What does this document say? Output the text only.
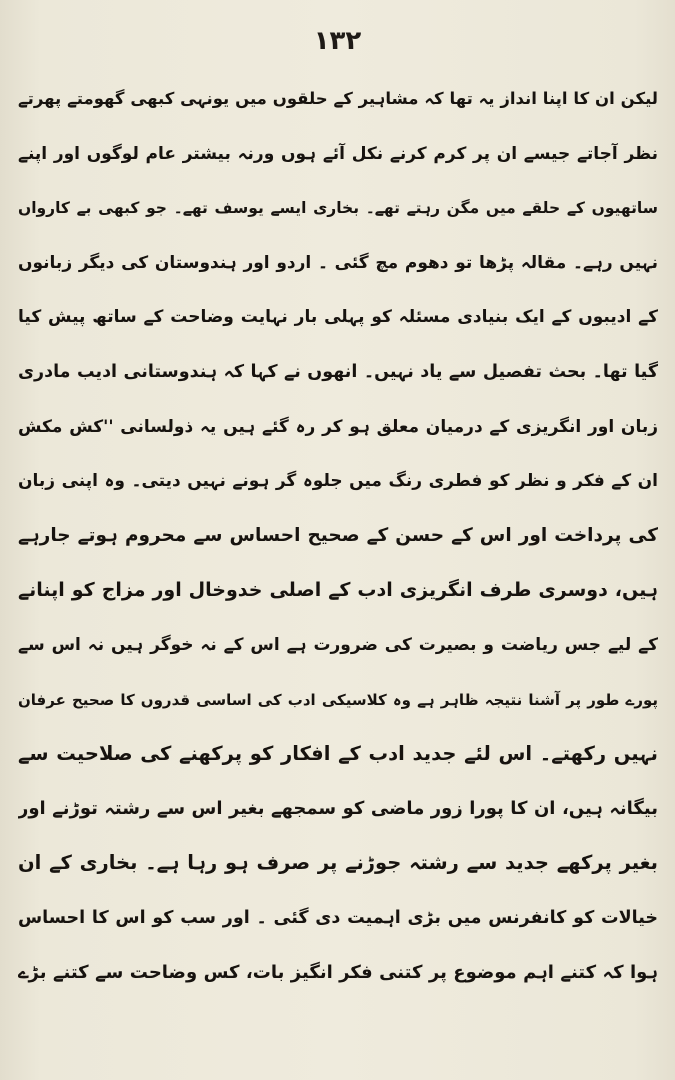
۱۳۲
لیکن ان کا اپنا انداز یہ تھا کہ مشاہیر کے حلقوں میں یونہی کبھی گھومتے پھرتے
نظر آجاتے جیسے ان پر کرم کرنے نکل آئے ہوں ورنہ بیشتر عام لوگوں اور اپنے
ساتھیوں کے حلقے میں مگن رہتے تھے۔ بخاری ایسے یوسف تھے۔ جو کبھی بے کارواں
نہیں رہے۔ مقالہ پڑھا تو دھوم مچ گئی ۔ اردو اور ہندوستان کی دیگر زبانوں
کے ادیبوں کے ایک بنیادی مسئلہ کو پہلی بار نہایت وضاحت کے ساتھ پیش کیا
گیا تھا۔ بحث تفصیل سے یاد نہیں۔ انھوں نے کہا کہ ہندوستانی ادیب مادری
زبان اور انگریزی کے درمیان معلق ہو کر رہ گئے ہیں یہ ذولسانی ''کش مکش
ان کے فکر و نظر کو فطری رنگ میں جلوہ گر ہونے نہیں دیتی۔ وہ اپنی زبان
کی پرداخت اور اس کے حسن کے صحیح احساس سے محروم ہوتے جارہے
ہیں، دوسری طرف انگریزی ادب کے اصلی خدوخال اور مزاج کو اپنانے
کے لیے جس ریاضت و بصیرت کی ضرورت ہے اس کے نہ خوگر ہیں نہ اس سے
پورے طور پر آشنا نتیجہ ظاہر ہے وہ کلاسیکی ادب کی اساسی قدروں کا صحیح عرفان
نہیں رکھتے۔ اس لئے جدید ادب کے افکار کو پرکھنے کی صلاحیت سے
بیگانہ ہیں، ان کا پورا زور ماضی کو سمجھے بغیر اس سے رشتہ توڑنے اور
بغیر پرکھے جدید سے رشتہ جوڑنے پر صرف ہو رہا ہے۔ بخاری کے ان
خیالات کو کانفرنس میں بڑی اہمیت دی گئی ۔ اور سب کو اس کا احساس
ہوا کہ کتنے اہم موضوع پر کتنی فکر انگیز بات، کس وضاحت سے کتنے بڑے
